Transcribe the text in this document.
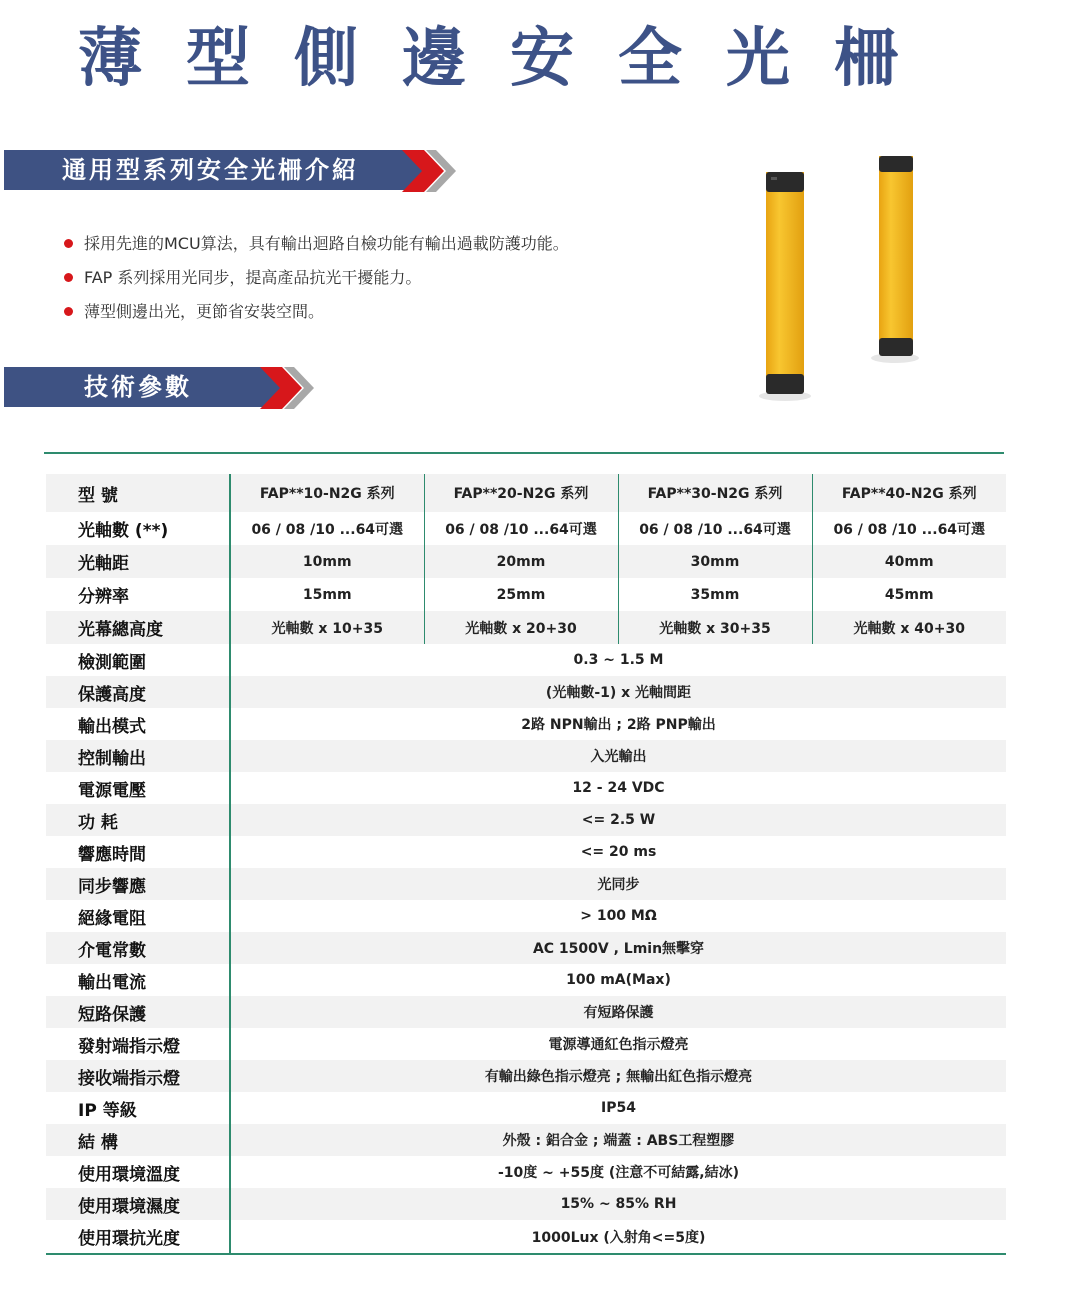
薄型側邊安全光柵
通用型系列安全光柵介紹
採用先進的MCU算法，具有輸出迴路自檢功能有輸出過載防護功能。
FAP 系列採用光同步，提高產品抗光干擾能力。
薄型側邊出光，更節省安裝空間。
技術參數
型 號	FAP**10-N2G 系列	FAP**20-N2G 系列	FAP**30-N2G 系列	FAP**40-N2G 系列
光軸數 (**)	06 / 08 /10 ...64可選	06 / 08 /10 ...64可選	06 / 08 /10 ...64可選	06 / 08 /10 ...64可選
光軸距	10mm	20mm	30mm	40mm
分辨率	15mm	25mm	35mm	45mm
光幕總高度	光軸數 x 10+35	光軸數 x 20+30	光軸數 x 30+35	光軸數 x 40+30
檢測範圍	0.3 ~ 1.5 M			
保護高度	(光軸數-1) x 光軸間距			
輸出模式	2路 NPN輸出 ; 2路 PNP輸出			
控制輸出	入光輸出			
電源電壓	12 - 24 VDC			
功 耗	<= 2.5 W			
響應時間	<= 20 ms			
同步響應	光同步			
絕緣電阻	> 100 MΩ			
介電常數	AC 1500V , Lmin無擊穿			
輸出電流	100 mA(Max)			
短路保護	有短路保護			
發射端指示燈	電源導通紅色指示燈亮			
接收端指示燈	有輸出綠色指示燈亮 ; 無輸出紅色指示燈亮			
IP 等級	IP54			
結 構	外殼 : 鋁合金 ; 端蓋 : ABS工程塑膠			
使用環境溫度	-10度 ~ +55度 (注意不可結露,結冰)			
使用環境濕度	15% ~ 85% RH			
使用環抗光度	1000Lux (入射角<=5度)			
